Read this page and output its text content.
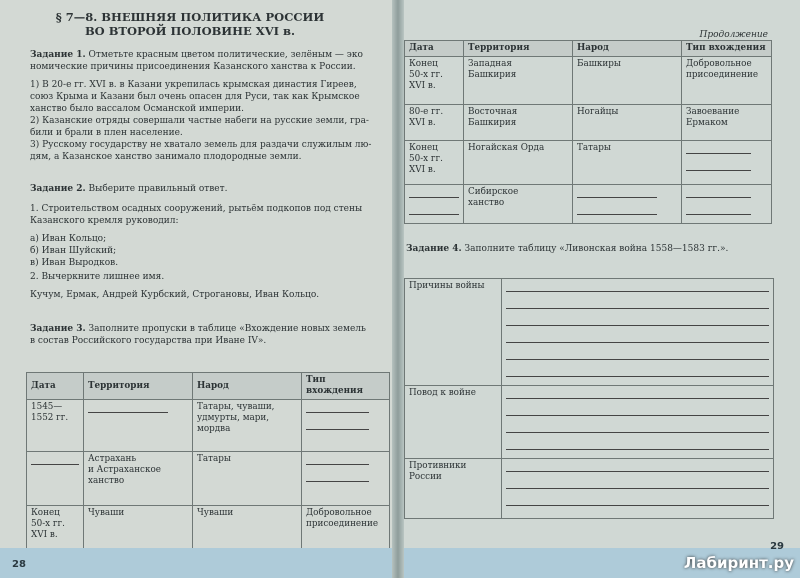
§ 7—8. ВНЕШНЯЯ ПОЛИТИКА РОССИИ
ВО ВТОРОЙ ПОЛОВИНЕ XVI в.
Задание 1. Отметьте красным цветом политические, зелёным — эко
номические причины присоединения Казанского ханства к России.
1) В 20-е гг. XVI в. в Казани укрепилась крымская династия Гиреев,
союз Крыма и Казани был очень опасен для Руси, так как Крымское
ханство было вассалом Османской империи.
2) Казанские отряды совершали частые набеги на русские земли, гра-
били и брали в плен население.
3) Русскому государству не хватало земель для раздачи служилым лю-
дям, а Казанское ханство занимало плодородные земли.
Задание 2. Выберите правильный ответ.
1. Строительством осадных сооружений, рытьём подкопов под стены
Казанского кремля руководил:
а) Иван Кольцо;
б) Иван Шуйский;
в) Иван Выродков.
2. Вычеркните лишнее имя.
Кучум, Ермак, Андрей Курбский, Строгановы, Иван Кольцо.
Задание 3. Заполните пропуски в таблице «Вхождение новых земель
в состав Российского государства при Иване IV».
Дата	Территория	Народ	Тип вхождения
1545—
1552 гг.		Татары, чуваши,
удмурты, мари,
мордва	

	Астрахань
и Астраханское
ханство	Татары	

Конец
50-х гг.
XVI в.	Чуваши	Чуваши	Добровольное
присоединение
28
Продолжение
Дата	Территория	Народ	Тип вхождения
Конец
50-х гг.
XVI в.	Западная
Башкирия	Башкиры	Добровольное
присоединение
80-е гг.
XVI в.	Восточная
Башкирия	Ногайцы	Завоевание
Ермаком
Конец
50-х гг.
XVI в.	Ногайская Орда	Татары	

	Сибирское
ханство	

Задание 4. Заполните таблицу «Ливонская война 1558—1583 гг.».
Причины войны	

Повод к войне	

Противники
России	
29
Лабиринт.ру
